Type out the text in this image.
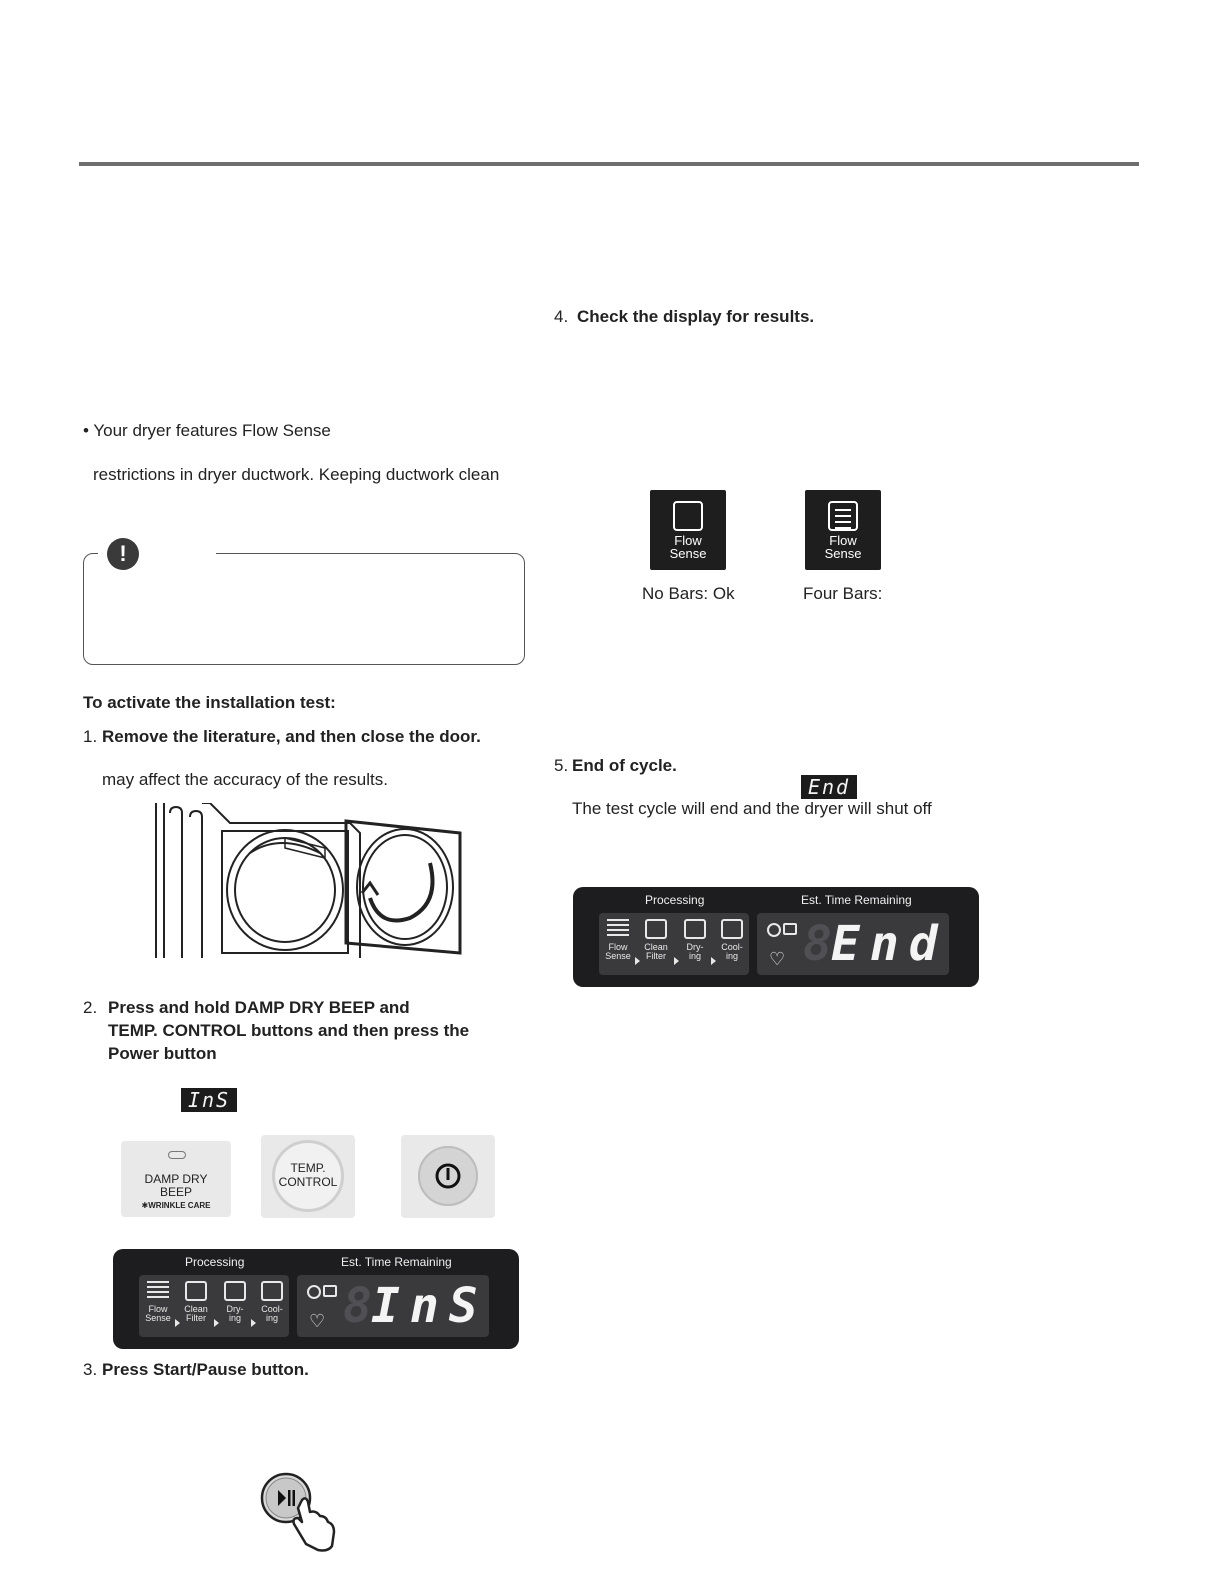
• Your dryer features Flow Sense
restrictions in dryer ductwork. Keeping ductwork clean
!
To activate the installation test:
1. Remove the literature, and then close the door.
may affect the accuracy of the results.
2. Press and hold DAMP DRY BEEP and
TEMP. CONTROL buttons and then press the
Power button
InS
DAMP DRY
BEEP
✱WRINKLE CARE
TEMP.
CONTROL
Processing	Est. Time Remaining
Flow
Sense
Clean
Filter
Dry-
ing
Cool-
ing	♡ 8
InS
3. Press Start/Pause button.
4. Check the display for results.
Flow
Sense
No Bars: Ok
Flow
Sense
Four Bars:
5. End of cycle.
End
The test cycle will end and the dryer will shut off
Processing	Est. Time Remaining
Flow
Sense
Clean
Filter
Dry-
ing
Cool-
ing	♡ 8
End
